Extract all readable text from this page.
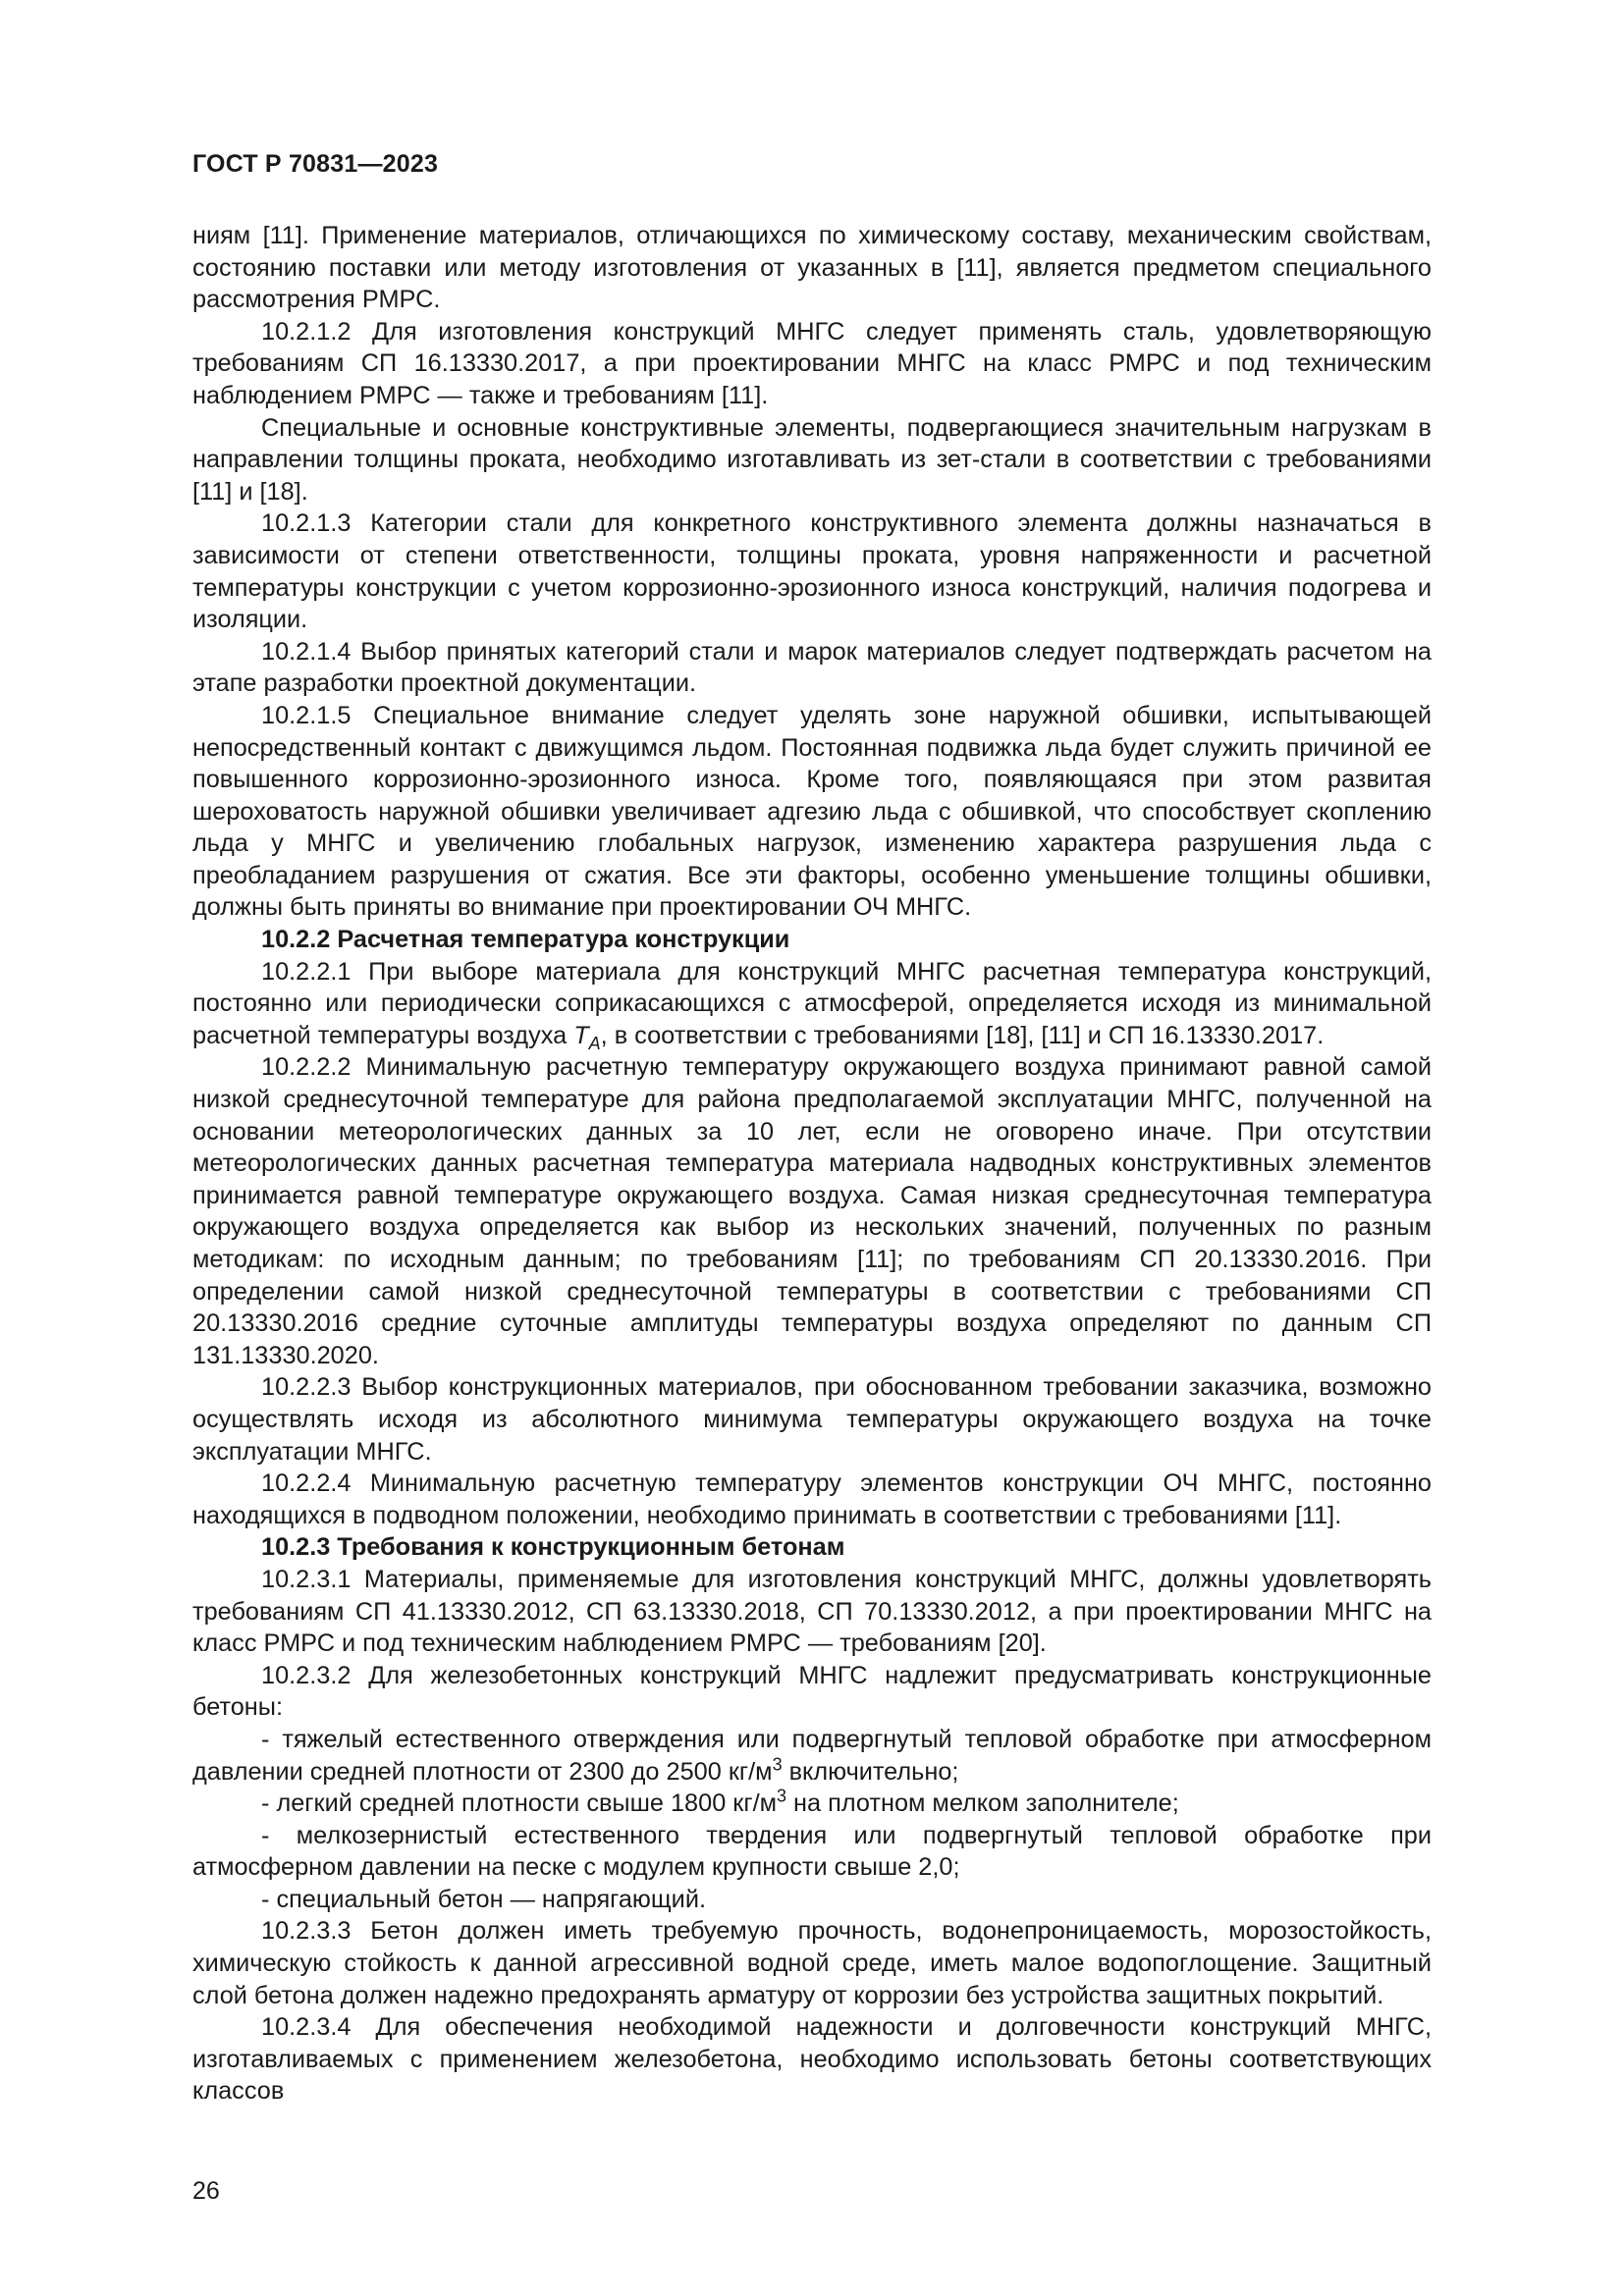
ГОСТ Р 70831—2023

ниям [11]. Применение материалов, отличающихся по химическому составу, механическим свойствам, состоянию поставки или методу изготовления от указанных в [11], является предметом специального рассмотрения РМРС.

10.2.1.2 Для изготовления конструкций МНГС следует применять сталь, удовлетворяющую требованиям СП 16.13330.2017, а при проектировании МНГС на класс РМРС и под техническим наблюдением РМРС — также и требованиям [11].

Специальные и основные конструктивные элементы, подвергающиеся значительным нагрузкам в направлении толщины проката, необходимо изготавливать из зет-стали в соответствии с требованиями [11] и [18].

10.2.1.3 Категории стали для конкретного конструктивного элемента должны назначаться в зависимости от степени ответственности, толщины проката, уровня напряженности и расчетной температуры конструкции с учетом коррозионно-эрозионного износа конструкций, наличия подогрева и изоляции.

10.2.1.4 Выбор принятых категорий стали и марок материалов следует подтверждать расчетом на этапе разработки проектной документации.

10.2.1.5 Специальное внимание следует уделять зоне наружной обшивки, испытывающей непосредственный контакт с движущимся льдом. Постоянная подвижка льда будет служить причиной ее повышенного коррозионно-эрозионного износа. Кроме того, появляющаяся при этом развитая шероховатость наружной обшивки увеличивает адгезию льда с обшивкой, что способствует скоплению льда у МНГС и увеличению глобальных нагрузок, изменению характера разрушения льда с преобладанием разрушения от сжатия. Все эти факторы, особенно уменьшение толщины обшивки, должны быть приняты во внимание при проектировании ОЧ МНГС.

10.2.2 Расчетная температура конструкции

10.2.2.1 При выборе материала для конструкций МНГС расчетная температура конструкций, постоянно или периодически соприкасающихся с атмосферой, определяется исходя из минимальной расчетной температуры воздуха $T_A$, в соответствии с требованиями [18], [11] и СП 16.13330.2017.

10.2.2.2 Минимальную расчетную температуру окружающего воздуха принимают равной самой низкой среднесуточной температуре для района предполагаемой эксплуатации МНГС, полученной на основании метеорологических данных за 10 лет, если не оговорено иначе. При отсутствии метеорологических данных расчетная температура материала надводных конструктивных элементов принимается равной температуре окружающего воздуха. Самая низкая среднесуточная температура окружающего воздуха определяется как выбор из нескольких значений, полученных по разным методикам: по исходным данным; по требованиям [11]; по требованиям СП 20.13330.2016. При определении самой низкой среднесуточной температуры в соответствии с требованиями СП 20.13330.2016 средние суточные амплитуды температуры воздуха определяют по данным СП 131.13330.2020.

10.2.2.3 Выбор конструкционных материалов, при обоснованном требовании заказчика, возможно осуществлять исходя из абсолютного минимума температуры окружающего воздуха на точке эксплуатации МНГС.

10.2.2.4 Минимальную расчетную температуру элементов конструкции ОЧ МНГС, постоянно находящихся в подводном положении, необходимо принимать в соответствии с требованиями [11].

10.2.3 Требования к конструкционным бетонам

10.2.3.1 Материалы, применяемые для изготовления конструкций МНГС, должны удовлетворять требованиям СП 41.13330.2012, СП 63.13330.2018, СП 70.13330.2012, а при проектировании МНГС на класс РМРС и под техническим наблюдением РМРС — требованиям [20].

10.2.3.2 Для железобетонных конструкций МНГС надлежит предусматривать конструкционные бетоны:

- тяжелый естественного отверждения или подвергнутый тепловой обработке при атмосферном давлении средней плотности от 2300 до 2500 $кг/м^3$ включительно;

- легкий средней плотности свыше 1800 $кг/м^3$ на плотном мелком заполнителе;

- мелкозернистый естественного твердения или подвергнутый тепловой обработке при атмосферном давлении на песке с модулем крупности свыше 2,0;

- специальный бетон — напрягающий.

10.2.3.3 Бетон должен иметь требуемую прочность, водонепроницаемость, морозостойкость, химическую стойкость к данной агрессивной водной среде, иметь малое водопоглощение. Защитный слой бетона должен надежно предохранять арматуру от коррозии без устройства защитных покрытий.

10.2.3.4 Для обеспечения необходимой надежности и долговечности конструкций МНГС, изготавливаемых с применением железобетона, необходимо использовать бетоны соответствующих классов

26
